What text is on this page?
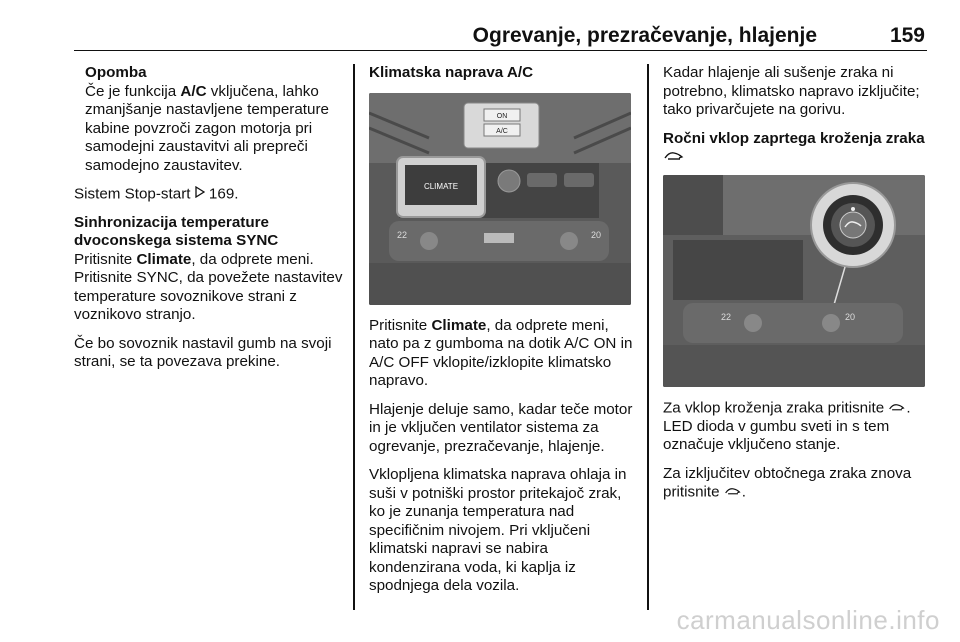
Ogrevanje, prezračevanje, hlajenje	159
Opomba
Če je funkcija A/C vključena, lahko zmanjšanje nastavljene temperature kabine povzroči zagon motorja pri samodejni zaustavitvi ali prepreči samodejno zaustavitev.

Sistem Stop-start  169.

Sinhronizacija temperature dvoconskega sistema SYNC

Pritisnite Climate, da odprete meni. Pritisnite SYNC, da povežete nastavitev temperature sovoznikove strani z voznikovo stranjo.

Če bo sovoznik nastavil gumb na svoji strani, se ta povezava prekine.

Klimatska naprava A/C
ON
A/C
CLIMATE
22	20

Pritisnite Climate, da odprete meni, nato pa z gumboma na dotik A/C ON in A/C OFF vklopite/izklopite klimatsko napravo.

Hlajenje deluje samo, kadar teče motor in je vključen ventilator sistema za ogrevanje, prezračevanje, hlajenje.

Vklopljena klimatska naprava ohlaja in suši v potniški prostor pritekajoč zrak, ko je zunanja temperatura nad specifičnim nivojem. Pri vključeni klimatski napravi se nabira kondenzirana voda, ki kaplja iz spodnjega dela vozila.

Kadar hlajenje ali sušenje zraka ni potrebno, klimatsko napravo izključite; tako privarčujete na gorivu.

Ročni vklop zaprtega kroženja zraka
22	20

Za vklop kroženja zraka pritisnite . LED dioda v gumbu sveti in s tem označuje vključeno stanje.

Za izključitev obtočnega zraka znova pritisnite .

carmanualsonline.info
